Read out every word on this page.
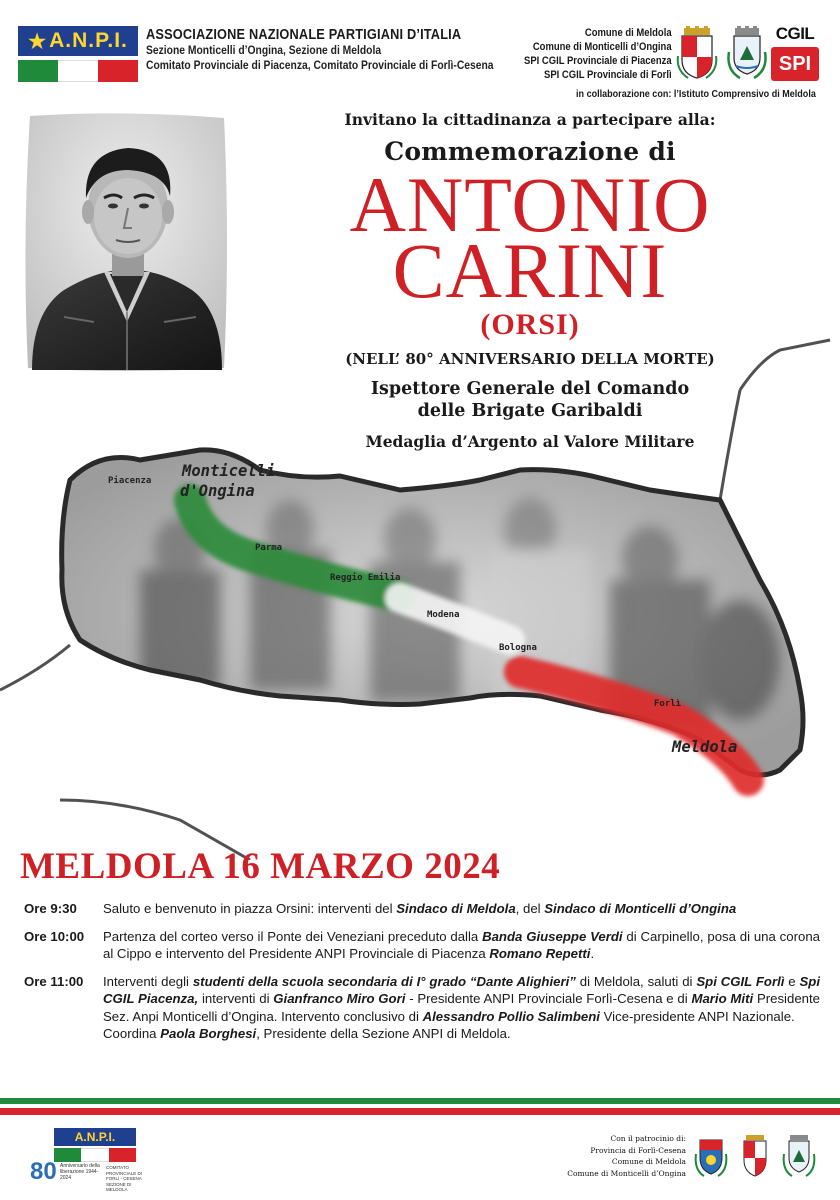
★ A.N.P.I. ASSOCIAZIONE NAZIONALE PARTIGIANI D’ITALIA
Sezione Monticelli d’Ongina, Sezione di Meldola
Comitato Provinciale di Piacenza, Comitato Provinciale di Forlì-Cesena
Comune di Meldola
Comune di Monticelli d’Ongina
SPI CGIL Provinciale di Piacenza
SPI CGIL Provinciale di Forlì
in collaborazione con: l’Istituto Comprensivo di Meldola
CGIL
SPI
Invitano la cittadinanza a partecipare alla:
Commemorazione di
ANTONIO
CARINI
(ORSI)
(NELL’ 80° ANNIVERSARIO DELLA MORTE)
Ispettore Generale del Comando
delle Brigate Garibaldi
Medaglia d’Argento al Valore Militare
Piacenza
Monticelli
d'Ongina
Parma
Reggio Emilia
Modena
Bologna
Forlì
Meldola
MELDOLA 16 MARZO 2024
Ore 9:30	Saluto e benvenuto in piazza Orsini: interventi del Sindaco di Meldola, del Sindaco di Monticelli d’Ongina
Ore 10:00	Partenza del corteo verso il Ponte dei Veneziani preceduto dalla Banda Giuseppe Verdi di Carpinello, posa di una corona al Cippo e intervento del Presidente ANPI Provinciale di Piacenza Romano Repetti.
Ore 11:00	Interventi degli studenti della scuola secondaria di I° grado “Dante Alighieri” di Meldola, saluti di Spi CGIL Forlì e Spi CGIL Piacenza, interventi di Gianfranco Miro Gori - Presidente ANPI Provinciale Forlì-Cesena e di Mario Miti Presidente Sez. Anpi Monticelli d’Ongina. Intervento conclusivo di Alessandro Pollio Salimbeni Vice-presidente ANPI Nazionale.
Coordina Paola Borghesi, Presidente della Sezione ANPI di Meldola.
A.N.P.I.
80 Anniversario della liberazione 1944-2024
COMITATO PROVINCIALE DI FORLÌ - CESENA SEZIONE DI MELDOLA
Con il patrocinio di:
Provincia di Forlì-Cesena
Comune di Meldola
Comune di Monticelli d’Ongina
